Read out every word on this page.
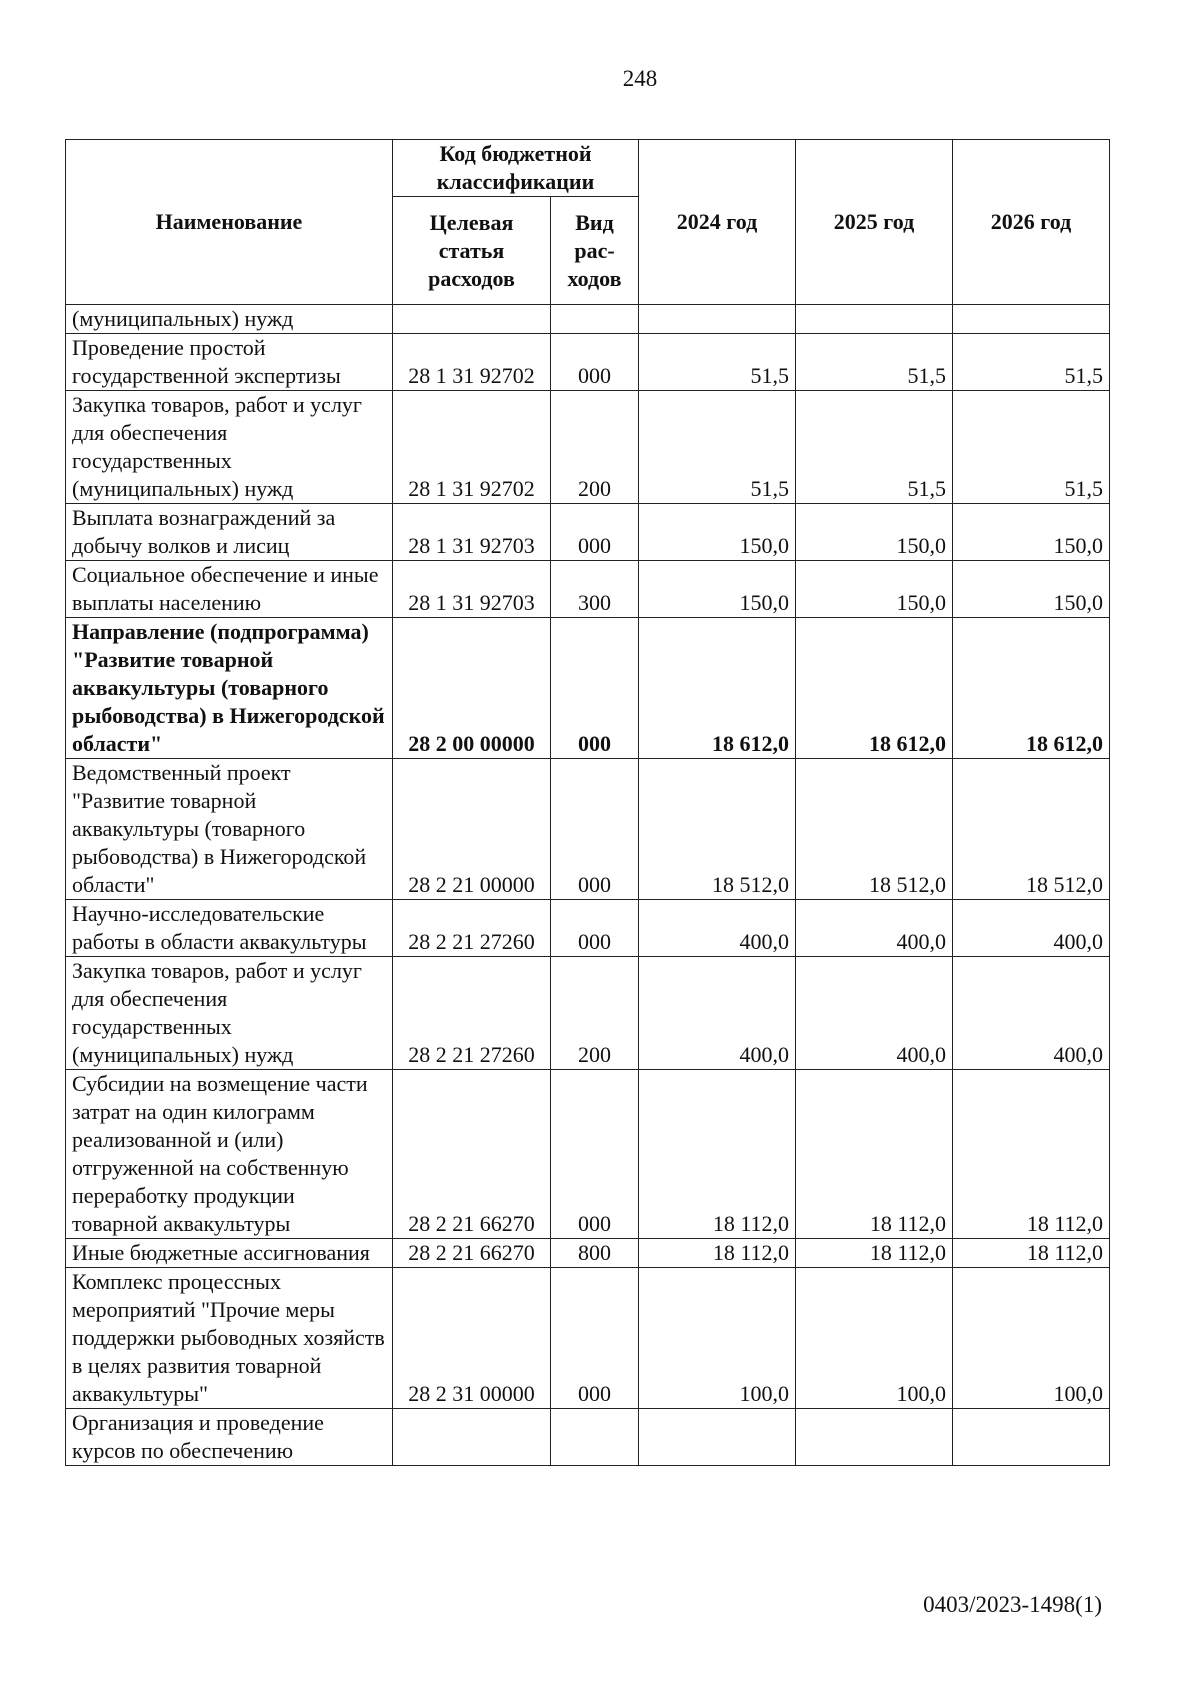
248
Наименование	Код бюджетной классификации		2024 год	2025 год	2026 год
	Целевая статья расходов	Вид рас-ходов			
(муниципальных) нужд					
Проведение простой государственной экспертизы	28 1 31 92702	000	51,5	51,5	51,5
Закупка товаров, работ и услуг для обеспечения государственных (муниципальных) нужд	28 1 31 92702	200	51,5	51,5	51,5
Выплата вознаграждений за добычу волков и лисиц	28 1 31 92703	000	150,0	150,0	150,0
Социальное обеспечение и иные выплаты населению	28 1 31 92703	300	150,0	150,0	150,0
Направление (подпрограмма) "Развитие товарной аквакультуры (товарного рыбоводства) в Нижегородской области"	28 2 00 00000	000	18 612,0	18 612,0	18 612,0
Ведомственный проект "Развитие товарной аквакультуры (товарного рыбоводства) в Нижегородской области"	28 2 21 00000	000	18 512,0	18 512,0	18 512,0
Научно-исследовательские работы в области аквакультуры	28 2 21 27260	000	400,0	400,0	400,0
Закупка товаров, работ и услуг для обеспечения государственных (муниципальных) нужд	28 2 21 27260	200	400,0	400,0	400,0
Субсидии на возмещение части затрат на один килограмм реализованной и (или) отгруженной на собственную переработку продукции товарной аквакультуры	28 2 21 66270	000	18 112,0	18 112,0	18 112,0
Иные бюджетные ассигнования	28 2 21 66270	800	18 112,0	18 112,0	18 112,0
Комплекс процессных мероприятий "Прочие меры поддержки рыбоводных хозяйств в целях развития товарной аквакультуры"	28 2 31 00000	000	100,0	100,0	100,0
Организация и проведение курсов по обеспечению					
0403/2023-1498(1)
